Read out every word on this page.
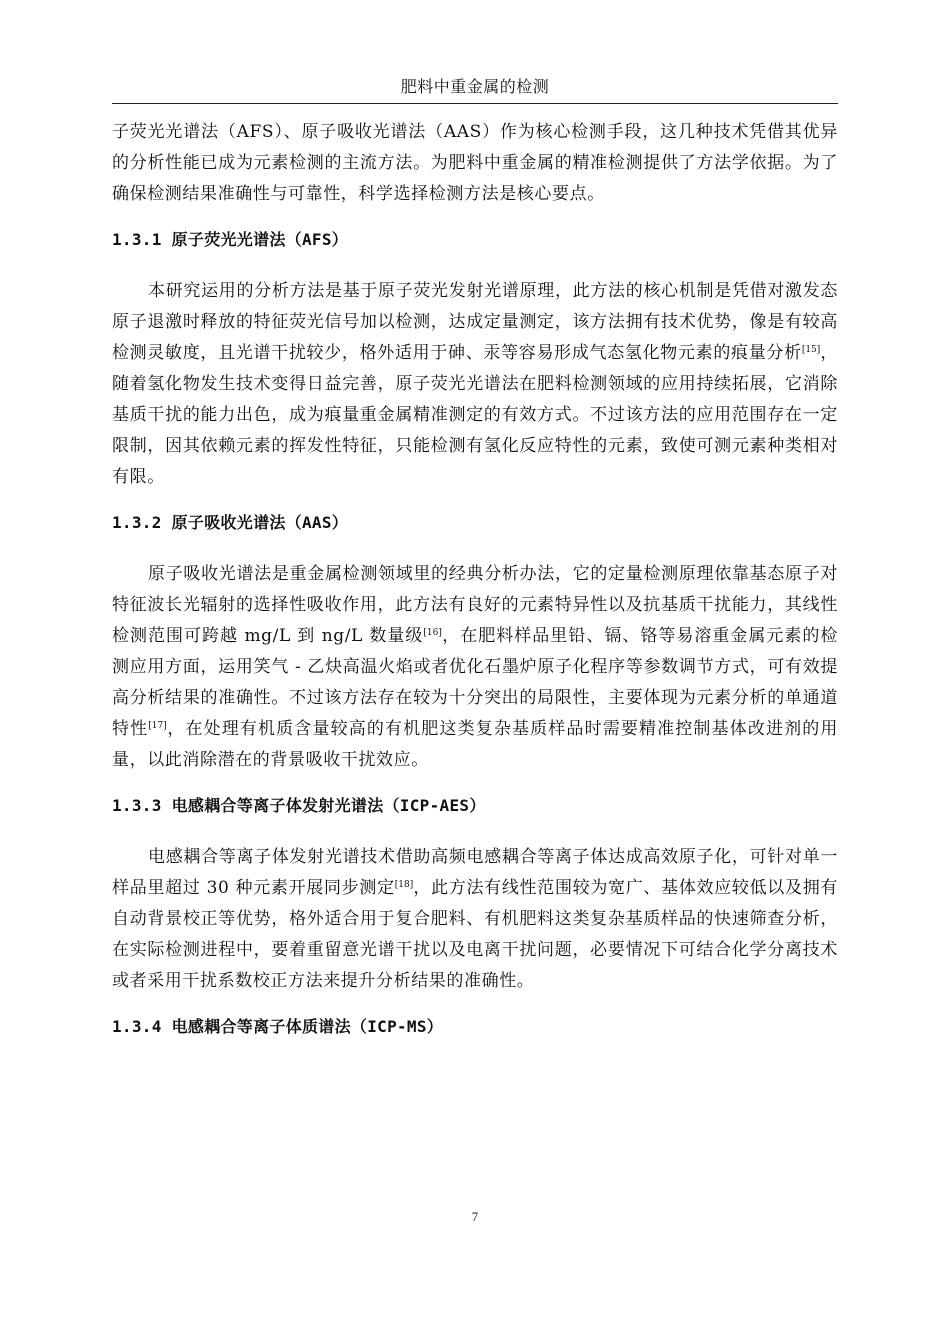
肥料中重金属的检测

子荧光光谱法（AFS）、原子吸收光谱法（AAS）作为核心检测手段，这几种技术凭借其优异的分析性能已成为元素检测的主流方法。为肥料中重金属的精准检测提供了方法学依据。为了确保检测结果准确性与可靠性，科学选择检测方法是核心要点。

1.3.1 原子荧光光谱法（AFS）

本研究运用的分析方法是基于原子荧光发射光谱原理，此方法的核心机制是凭借对激发态原子退激时释放的特征荧光信号加以检测，达成定量测定，该方法拥有技术优势，像是有较高检测灵敏度，且光谱干扰较少，格外适用于砷、汞等容易形成气态氢化物元素的痕量分析[15]，随着氢化物发生技术变得日益完善，原子荧光光谱法在肥料检测领域的应用持续拓展，它消除基质干扰的能力出色，成为痕量重金属精准测定的有效方式。不过该方法的应用范围存在一定限制，因其依赖元素的挥发性特征，只能检测有氢化反应特性的元素，致使可测元素种类相对有限。

1.3.2 原子吸收光谱法（AAS）

原子吸收光谱法是重金属检测领域里的经典分析办法，它的定量检测原理依靠基态原子对特征波长光辐射的选择性吸收作用，此方法有良好的元素特异性以及抗基质干扰能力，其线性检测范围可跨越 mg/L 到 ng/L 数量级[16]，在肥料样品里铅、镉、铬等易溶重金属元素的检测应用方面，运用笑气 - 乙炔高温火焰或者优化石墨炉原子化程序等参数调节方式，可有效提高分析结果的准确性。不过该方法存在较为十分突出的局限性，主要体现为元素分析的单通道特性[17]，在处理有机质含量较高的有机肥这类复杂基质样品时需要精准控制基体改进剂的用量，以此消除潜在的背景吸收干扰效应。

1.3.3 电感耦合等离子体发射光谱法（ICP-AES）

电感耦合等离子体发射光谱技术借助高频电感耦合等离子体达成高效原子化，可针对单一样品里超过 30 种元素开展同步测定[18]，此方法有线性范围较为宽广、基体效应较低以及拥有自动背景校正等优势，格外适合用于复合肥料、有机肥料这类复杂基质样品的快速筛查分析，在实际检测进程中，要着重留意光谱干扰以及电离干扰问题，必要情况下可结合化学分离技术或者采用干扰系数校正方法来提升分析结果的准确性。

1.3.4 电感耦合等离子体质谱法（ICP-MS）
7
